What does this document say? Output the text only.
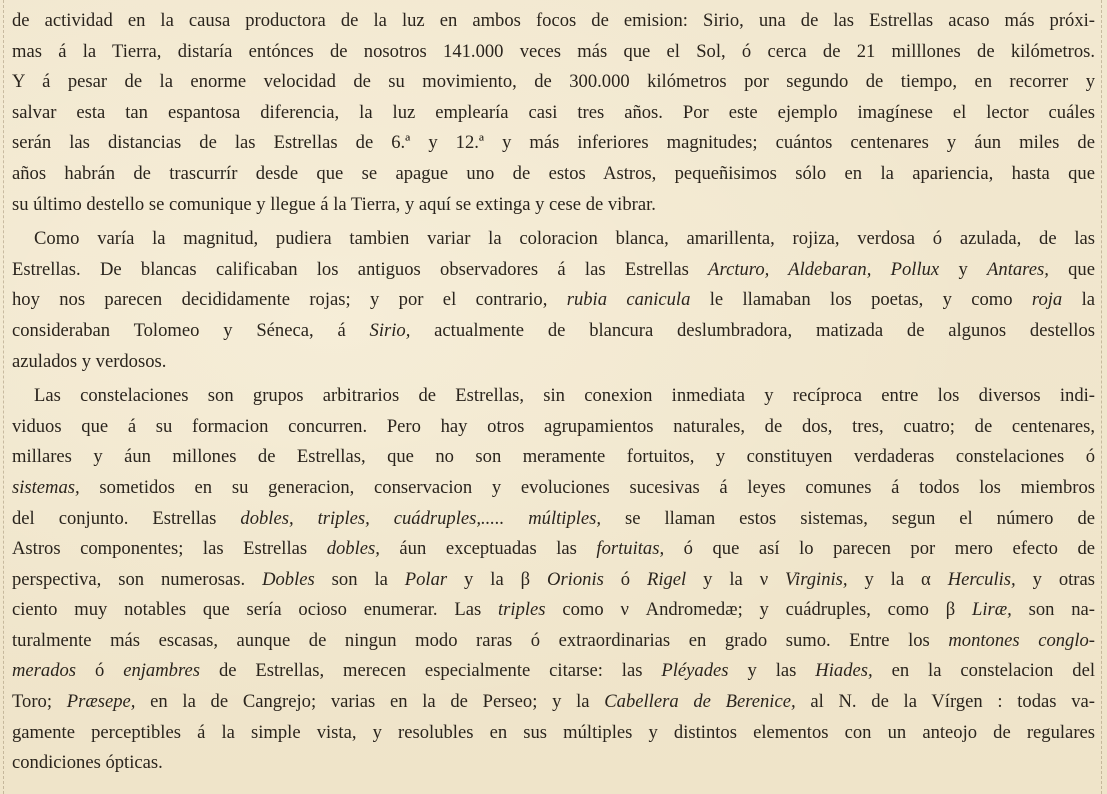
de actividad en la causa productora de la luz en ambos focos de emision: Sirio, una de las Estrellas acaso más próxi-
mas á la Tierra, distaría entónces de nosotros 141.000 veces más que el Sol, ó cerca de 21 milllones de kilómetros.
Y á pesar de la enorme velocidad de su movimiento, de 300.000 kilómetros por segundo de tiempo, en recorrer y
salvar esta tan espantosa diferencia, la luz emplearía casi tres años. Por este ejemplo imagínese el lector cuáles
serán las distancias de las Estrellas de 6.ª y 12.ª y más inferiores magnitudes; cuántos centenares y áun miles de
años habrán de trascurrír desde que se apague uno de estos Astros, pequeñisimos sólo en la apariencia, hasta que
su último destello se comunique y llegue á la Tierra, y aquí se extinga y cese de vibrar.
Como varía la magnitud, pudiera tambien variar la coloracion blanca, amarillenta, rojiza, verdosa ó azulada, de las
Estrellas. De blancas calificaban los antiguos observadores á las Estrellas Arcturo, Aldebaran, Pollux y Antares, que
hoy nos parecen decididamente rojas; y por el contrario, rubia canicula le llamaban los poetas, y como roja la
consideraban Tolomeo y Séneca, á Sirio, actualmente de blancura deslumbradora, matizada de algunos destellos
azulados y verdosos.
Las constelaciones son grupos arbitrarios de Estrellas, sin conexion inmediata y recíproca entre los diversos indi-
viduos que á su formacion concurren. Pero hay otros agrupamientos naturales, de dos, tres, cuatro; de centenares,
millares y áun millones de Estrellas, que no son meramente fortuitos, y constituyen verdaderas constelaciones ó
sistemas, sometidos en su generacion, conservacion y evoluciones sucesivas á leyes comunes á todos los miembros
del conjunto. Estrellas dobles, triples, cuádruples,..... múltiples, se llaman estos sistemas, segun el número de
Astros componentes; las Estrellas dobles, áun exceptuadas las fortuitas, ó que así lo parecen por mero efecto de
perspectiva, son numerosas. Dobles son la Polar y la β Orionis ó Rigel y la ν Virginis, y la α Herculis, y otras
ciento muy notables que sería ocioso enumerar. Las triples como ν Andromedæ; y cuádruples, como β Liræ, son na-
turalmente más escasas, aunque de ningun modo raras ó extraordinarias en grado sumo. Entre los montones conglo-
merados ó enjambres de Estrellas, merecen especialmente citarse: las Pléyades y las Hiades, en la constelacion del
Toro; Præsepe, en la de Cangrejo; varias en la de Perseo; y la Cabellera de Berenice, al N. de la Vírgen : todas va-
gamente perceptibles á la simple vista, y resolubles en sus múltiples y distintos elementos con un anteojo de regulares
condiciones ópticas.
